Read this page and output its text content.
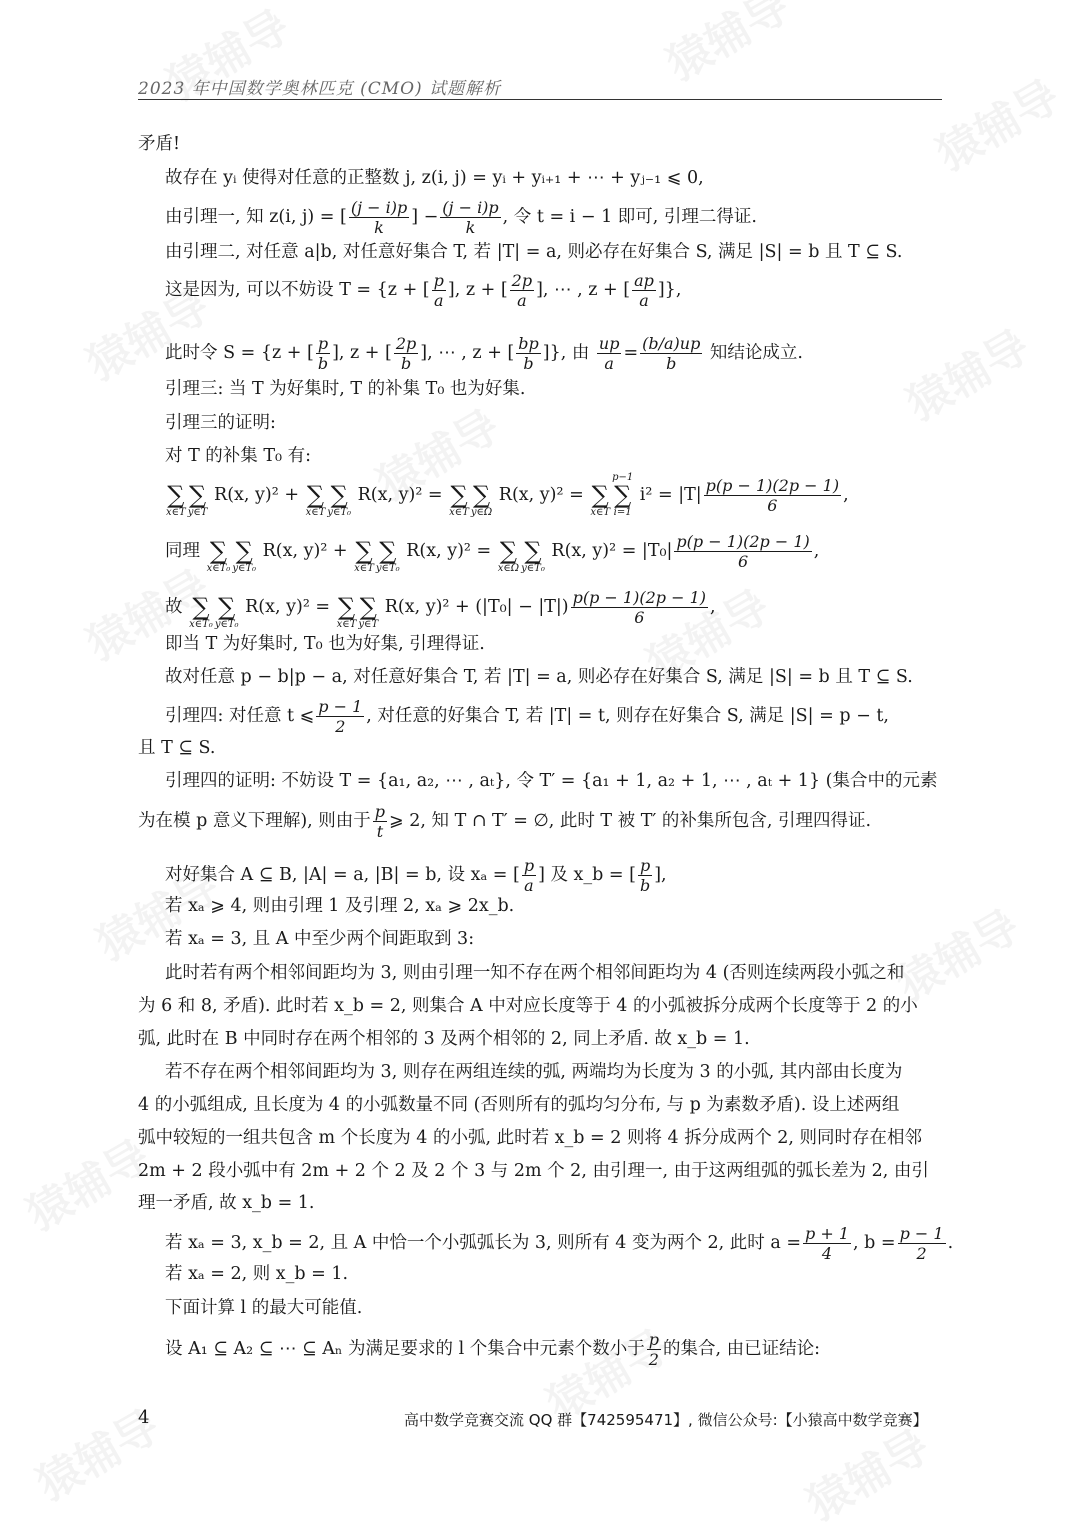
2023 年中国数学奥林匹克 (CMO) 试题解析
矛盾!
故存在 yᵢ 使得对任意的正整数 j, z(i, j) = yᵢ + yᵢ₊₁ + ⋯ + yⱼ₋₁ ⩽ 0,
由引理一, 知 z(i, j) = [ $\frac{(j - i)p}{k}$ ] − $\frac{(j - i)p}{k}$ , 令 t = i − 1 即可, 引理二得证.
由引理二, 对任意 a|b, 对任意好集合 T, 若 |T| = a, 则必存在好集合 S, 满足 |S| = b 且 T ⊆ S.
这是因为, 可以不妨设 T = {z + [ $\frac{p}{a}$ ], z + [ $\frac{2p}{a}$ ], ⋯ , z + [ $\frac{ap}{a}$ ]},
此时令 S = {z + [ $\frac{p}{b}$ ], z + [ $\frac{2p}{b}$ ], ⋯ , z + [ $\frac{bp}{b}$ ]}, 由 $\frac{up}{a} = \frac{(b/a)up}{b}$ 知结论成立.
引理三: 当 T 为好集时, T 的补集 T₀ 也为好集.
引理三的证明:
对 T 的补集 T₀ 有:

∑
x∈T

∑
y∈T
R(x, y)² +
∑
x∈T

∑
y∈T₀
R(x, y)² =
∑
x∈T

∑
y∈Ω
R(x, y)² =
∑
x∈T
p−1
∑
i=1
$i^2 = |T| \frac{p(p - 1)(2p - 1)}{6}$ ,
同理
∑
x∈T₀

∑
y∈T₀
R(x, y)² +
∑
x∈T

∑
y∈T₀
R(x, y)² =
∑
x∈Ω

∑
y∈T₀
R(x, $y)^2 = |T_0| \frac{p(p - 1)(2p - 1)}{6}$ ,
故
∑
x∈T₀

∑
y∈T₀
R(x, y)² =
∑
x∈T

∑
y∈T
R(x, $y)^2 + (|T_0| - |T|) \frac{p(p - 1)(2p - 1)}{6}$ ,
即当 T 为好集时, T₀ 也为好集, 引理得证.
故对任意 p − b|p − a, 对任意好集合 T, 若 |T| = a, 则必存在好集合 S, 满足 |S| = b 且 T ⊆ S.
引理四: 对任意 t ⩽ $\frac{p - 1}{2}$ , 对任意的好集合 T, 若 |T| = t, 则存在好集合 S, 满足 |S| = p − t,
且 T ⊆ S.
引理四的证明: 不妨设 T = {a₁, a₂, ⋯ , aₜ}, 令 T′ = {a₁ + 1, a₂ + 1, ⋯ , aₜ + 1} (集合中的元素
为在模 p 意义下理解), 则由于 $\frac{p}{t}$ ⩾ 2, 知 T ∩ T′ = ∅, 此时 T 被 T′ 的补集所包含, 引理四得证.
对好集合 A ⊆ B, |A| = a, |B| = b, 设 xₐ = [ $\frac{p}{a}$ ] 及 x_b = [ $\frac{p}{b}$ ],
若 xₐ ⩾ 4, 则由引理 1 及引理 2, xₐ ⩾ 2x_b.
若 xₐ = 3, 且 A 中至少两个间距取到 3:
此时若有两个相邻间距均为 3, 则由引理一知不存在两个相邻间距均为 4 (否则连续两段小弧之和
为 6 和 8, 矛盾). 此时若 x_b = 2, 则集合 A 中对应长度等于 4 的小弧被拆分成两个长度等于 2 的小
弧, 此时在 B 中同时存在两个相邻的 3 及两个相邻的 2, 同上矛盾. 故 x_b = 1.
若不存在两个相邻间距均为 3, 则存在两组连续的弧, 两端均为长度为 3 的小弧, 其内部由长度为
4 的小弧组成, 且长度为 4 的小弧数量不同 (否则所有的弧均匀分布, 与 p 为素数矛盾). 设上述两组
弧中较短的一组共包含 m 个长度为 4 的小弧, 此时若 x_b = 2 则将 4 拆分成两个 2, 则同时存在相邻
2m + 2 段小弧中有 2m + 2 个 2 及 2 个 3 与 2m 个 2, 由引理一, 由于这两组弧的弧长差为 2, 由引
理一矛盾, 故 x_b = 1.
若 xₐ = 3, x_b = 2, 且 A 中恰一个小弧弧长为 3, 则所有 4 变为两个 2, 此时 $a = \frac{p + 1}{4}$ , $b = \frac{p - 1}{2}$ .
若 xₐ = 2, 则 x_b = 1.
下面计算 l 的最大可能值.
设 A₁ ⊆ A₂ ⊆ ⋯ ⊆ Aₙ 为满足要求的 l 个集合中元素个数小于 $\frac{p}{2}$ 的集合, 由已证结论:
4	高中数学竞赛交流 QQ 群【742595471】, 微信公众号:【小猿高中数学竞赛】
